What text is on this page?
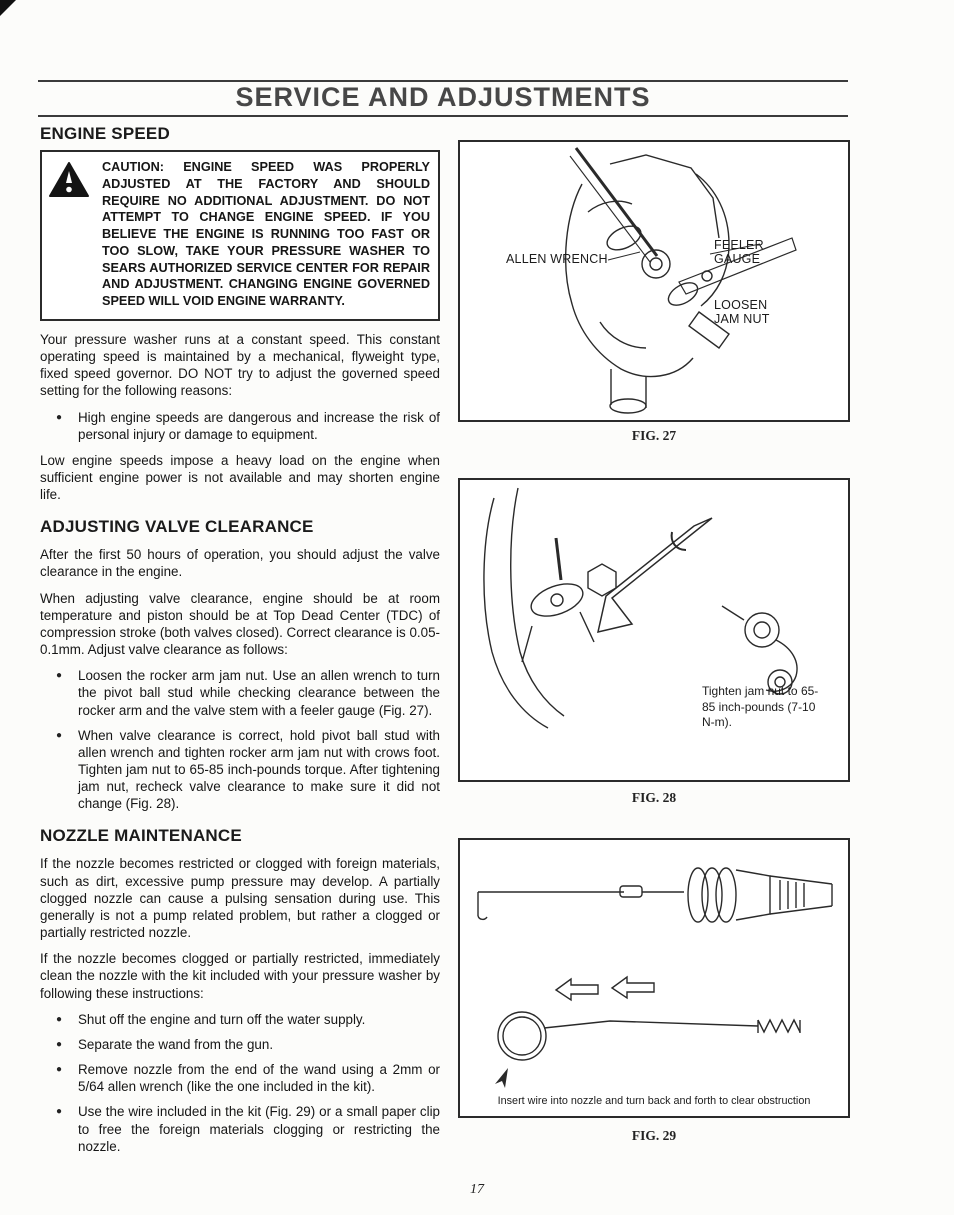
SERVICE AND ADJUSTMENTS
ENGINE SPEED

CAUTION: ENGINE SPEED WAS PROPERLY ADJUSTED AT THE FACTORY AND SHOULD REQUIRE NO ADDITIONAL ADJUSTMENT. DO NOT ATTEMPT TO CHANGE ENGINE SPEED. IF YOU BELIEVE THE ENGINE IS RUNNING TOO FAST OR TOO SLOW, TAKE YOUR PRESSURE WASHER TO SEARS AUTHORIZED SERVICE CENTER FOR REPAIR AND ADJUSTMENT. CHANGING ENGINE GOVERNED SPEED WILL VOID ENGINE WARRANTY.

Your pressure washer runs at a constant speed. This constant operating speed is maintained by a mechanical, flyweight type, fixed speed governor. DO NOT try to adjust the governed speed setting for the following reasons:

●	High engine speeds are dangerous and increase the risk of personal injury or damage to equipment.

Low engine speeds impose a heavy load on the engine when sufficient engine power is not available and may shorten engine life.

ADJUSTING VALVE CLEARANCE

After the first 50 hours of operation, you should adjust the valve clearance in the engine.

When adjusting valve clearance, engine should be at room temperature and piston should be at Top Dead Center (TDC) of compression stroke (both valves closed). Correct clearance is 0.05-0.1mm. Adjust valve clearance as follows:

●	Loosen the rocker arm jam nut. Use an allen wrench to turn the pivot ball stud while checking clearance between the rocker arm and the valve stem with a feeler gauge (Fig. 27).

●	When valve clearance is correct, hold pivot ball stud with allen wrench and tighten rocker arm jam nut with crows foot. Tighten jam nut to 65-85 inch-pounds torque. After tightening jam nut, recheck valve clearance to make sure it did not change (Fig. 28).

NOZZLE MAINTENANCE

If the nozzle becomes restricted or clogged with foreign materials, such as dirt, excessive pump pressure may develop. A partially clogged nozzle can cause a pulsing sensation during use. This generally is not a pump related problem, but rather a clogged or partially restricted nozzle.

If the nozzle becomes clogged or partially restricted, immediately clean the nozzle with the kit included with your pressure washer by following these instructions:

●	Shut off the engine and turn off the water supply.

●	Separate the wand from the gun.

●	Remove nozzle from the end of the wand using a 2mm or 5/64 allen wrench (like the one included in the kit).

●	Use the wire included in the kit (Fig. 29) or a small paper clip to free the foreign materials clogging or restricting the nozzle.

ALLEN WRENCH
FEELER GAUGE
LOOSEN JAM NUT
FIG. 27
Tighten jam nut to 65-85 inch-pounds (7-10 N-m).
FIG. 28
Insert wire into nozzle and turn back and forth to clear obstruction
FIG. 29
17
